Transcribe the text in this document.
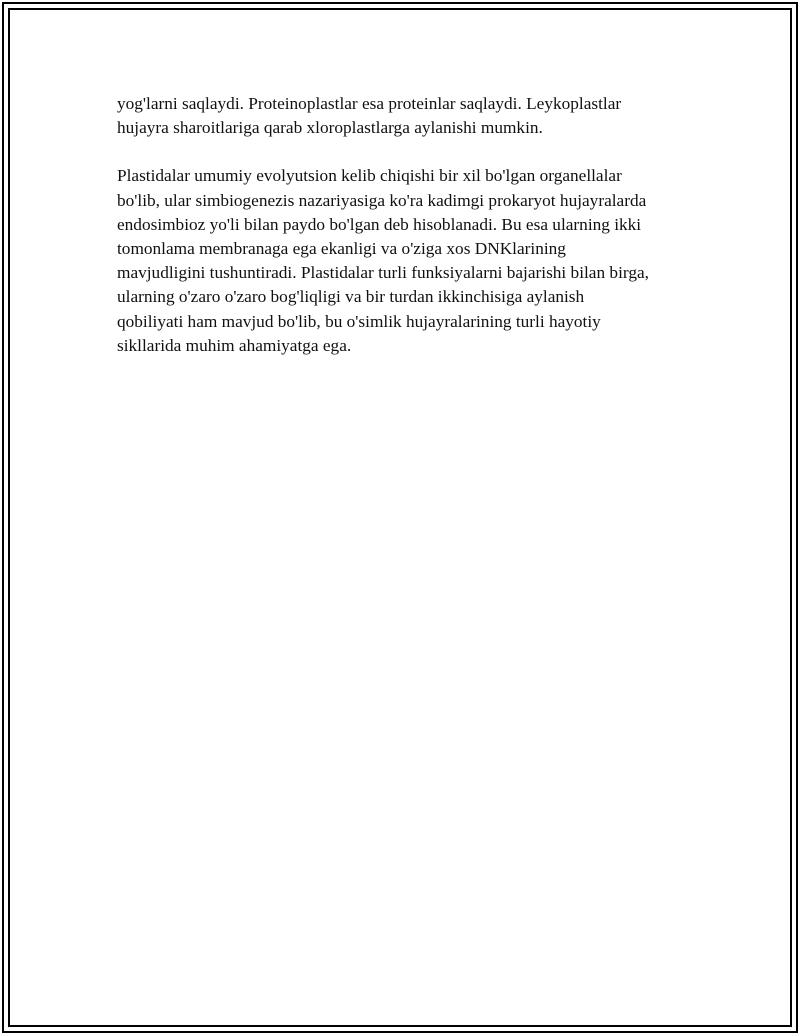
yog'larni saqlaydi. Proteinoplastlar esa proteinlar saqlaydi. Leykoplastlar
hujayra sharoitlariga qarab xloroplastlarga aylanishi mumkin.

Plastidalar umumiy evolyutsion kelib chiqishi bir xil bo'lgan organellalar
bo'lib, ular simbiogenezis nazariyasiga ko'ra kadimgi prokaryot hujayralarda
endosimbioz yo'li bilan paydo bo'lgan deb hisoblanadi. Bu esa ularning ikki
tomonlama membranaga ega ekanligi va o'ziga xos DNKlarining
mavjudligini tushuntiradi. Plastidalar turli funksiyalarni bajarishi bilan birga,
ularning o'zaro o'zaro bog'liqligi va bir turdan ikkinchisiga aylanish
qobiliyati ham mavjud bo'lib, bu o'simlik hujayralarining turli hayotiy
sikllarida muhim ahamiyatga ega.
